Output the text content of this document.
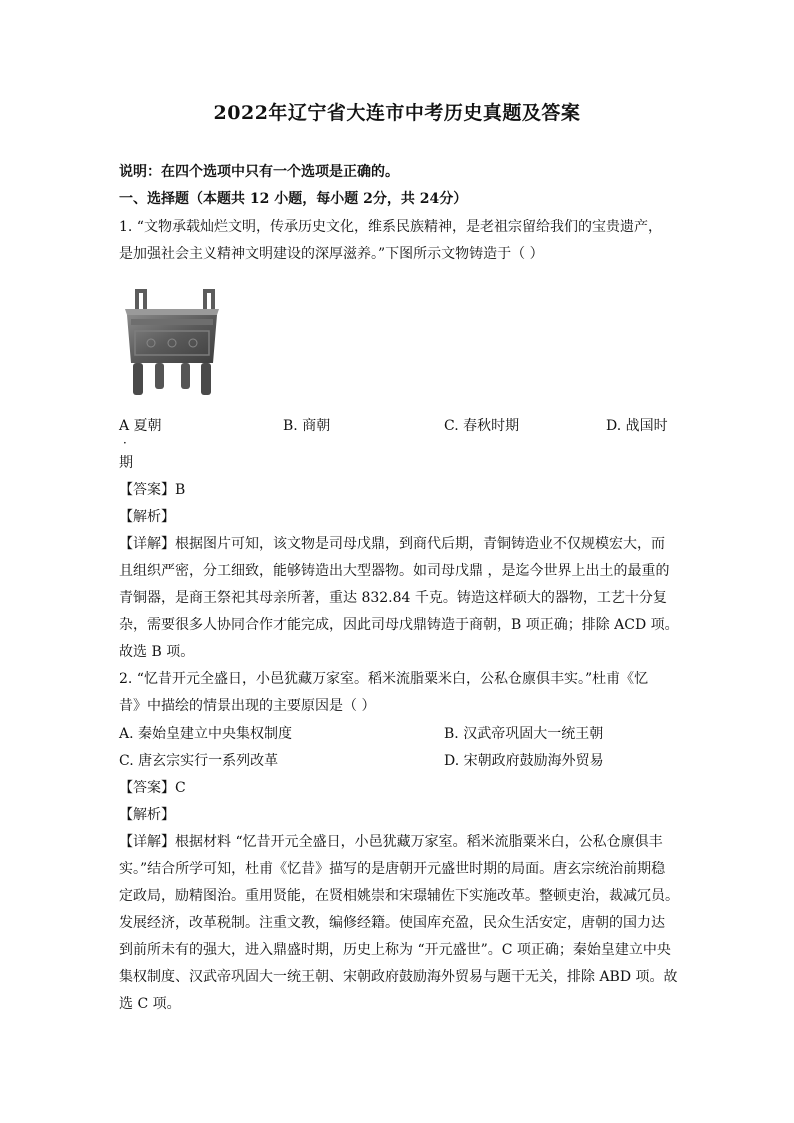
2022年辽宁省大连市中考历史真题及答案
说明：在四个选项中只有一个选项是正确的。
一、选择题（本题共 12 小题，每小题 2分，共 24分）
1. “文物承载灿烂文明，传承历史文化，维系民族精神，是老祖宗留给我们的宝贵遗产，
是加强社会主义精神文明建设的深厚滋养。”下图所示文物铸造于（ ）
A 夏朝
．
B. 商朝	C. 春秋时期	D. 战国时
期
【答案】B
【解析】
【详解】根据图片可知，该文物是司母戊鼎，到商代后期，青铜铸造业不仅规模宏大，而
且组织严密，分工细致，能够铸造出大型器物。如司母戊鼎 ，是迄今世界上出土的最重的
青铜器，是商王祭祀其母亲所著，重达 832.84 千克。铸造这样硕大的器物，工艺十分复
杂，需要很多人协同合作才能完成，因此司母戊鼎铸造于商朝，B 项正确；排除 ACD 项。
故选 B 项。
2. “忆昔开元全盛日，小邑犹藏万家室。稻米流脂粟米白，公私仓廪俱丰实。”杜甫《忆
昔》中描绘的情景出现的主要原因是（ ）
A. 秦始皇建立中央集权制度	B. 汉武帝巩固大一统王朝
C. 唐玄宗实行一系列改革	D. 宋朝政府鼓励海外贸易
【答案】C
【解析】
【详解】根据材料 “忆昔开元全盛日，小邑犹藏万家室。稻米流脂粟米白，公私仓廪俱丰
实。”结合所学可知，杜甫《忆昔》描写的是唐朝开元盛世时期的局面。唐玄宗统治前期稳
定政局，励精图治。重用贤能，在贤相姚崇和宋璟辅佐下实施改革。整顿吏治，裁减冗员。
发展经济，改革税制。注重文教，编修经籍。使国库充盈，民众生活安定，唐朝的国力达
到前所未有的强大，进入鼎盛时期，历史上称为 “开元盛世”。C 项正确；秦始皇建立中央
集权制度、汉武帝巩固大一统王朝、宋朝政府鼓励海外贸易与题干无关，排除 ABD 项。故
选 C 项。
